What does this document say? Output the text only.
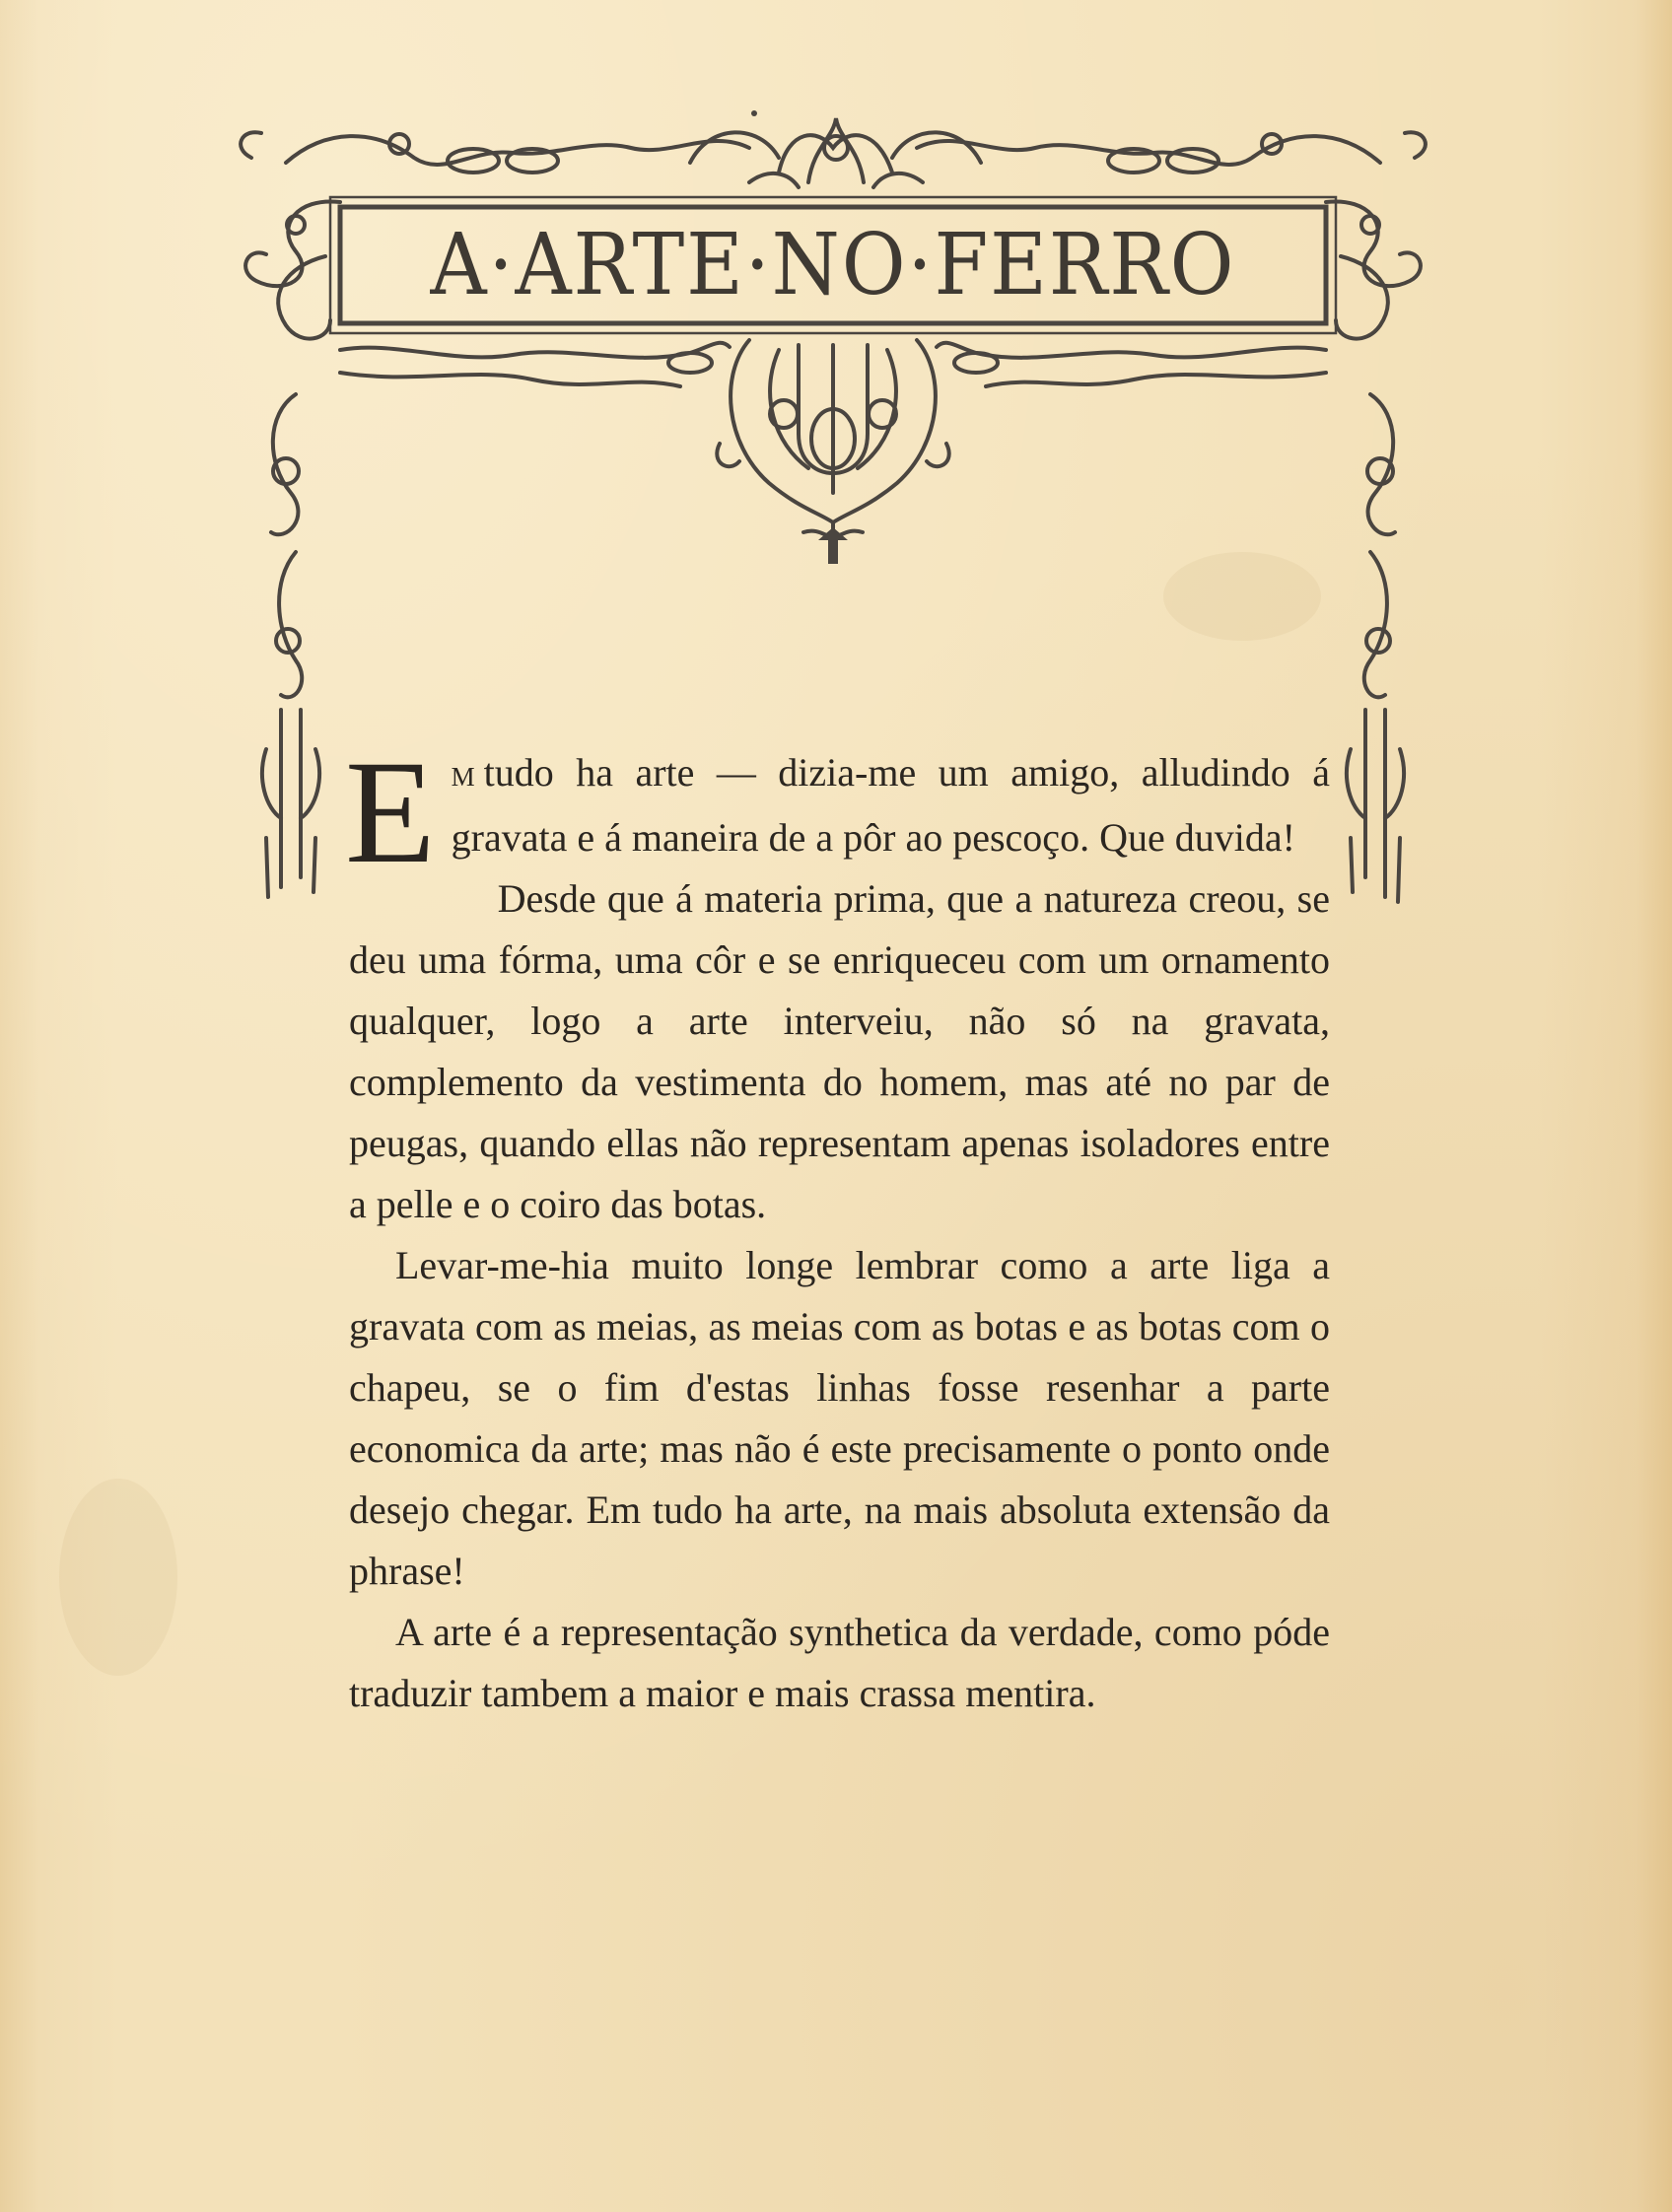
A·ARTE·NO·FERRO

E M tudo ha arte — dizia-me um amigo, alludindo á gravata e á maneira de a pôr ao pescoço. Que duvida!

Desde que á materia prima, que a natureza creou, se deu uma fórma, uma côr e se enriqueceu com um ornamento qualquer, logo a arte interveiu, não só na gravata, complemento da vestimenta do homem, mas até no par de peugas, quando ellas não representam apenas isoladores entre a pelle e o coiro das botas.

Levar-me-hia muito longe lembrar como a arte liga a gravata com as meias, as meias com as botas e as botas com o chapeu, se o fim d'estas linhas fosse resenhar a parte economica da arte; mas não é este precisamente o ponto onde desejo chegar. Em tudo ha arte, na mais absoluta extensão da phrase!

A arte é a representação synthetica da verdade, como póde traduzir tambem a maior e mais crassa mentira.
